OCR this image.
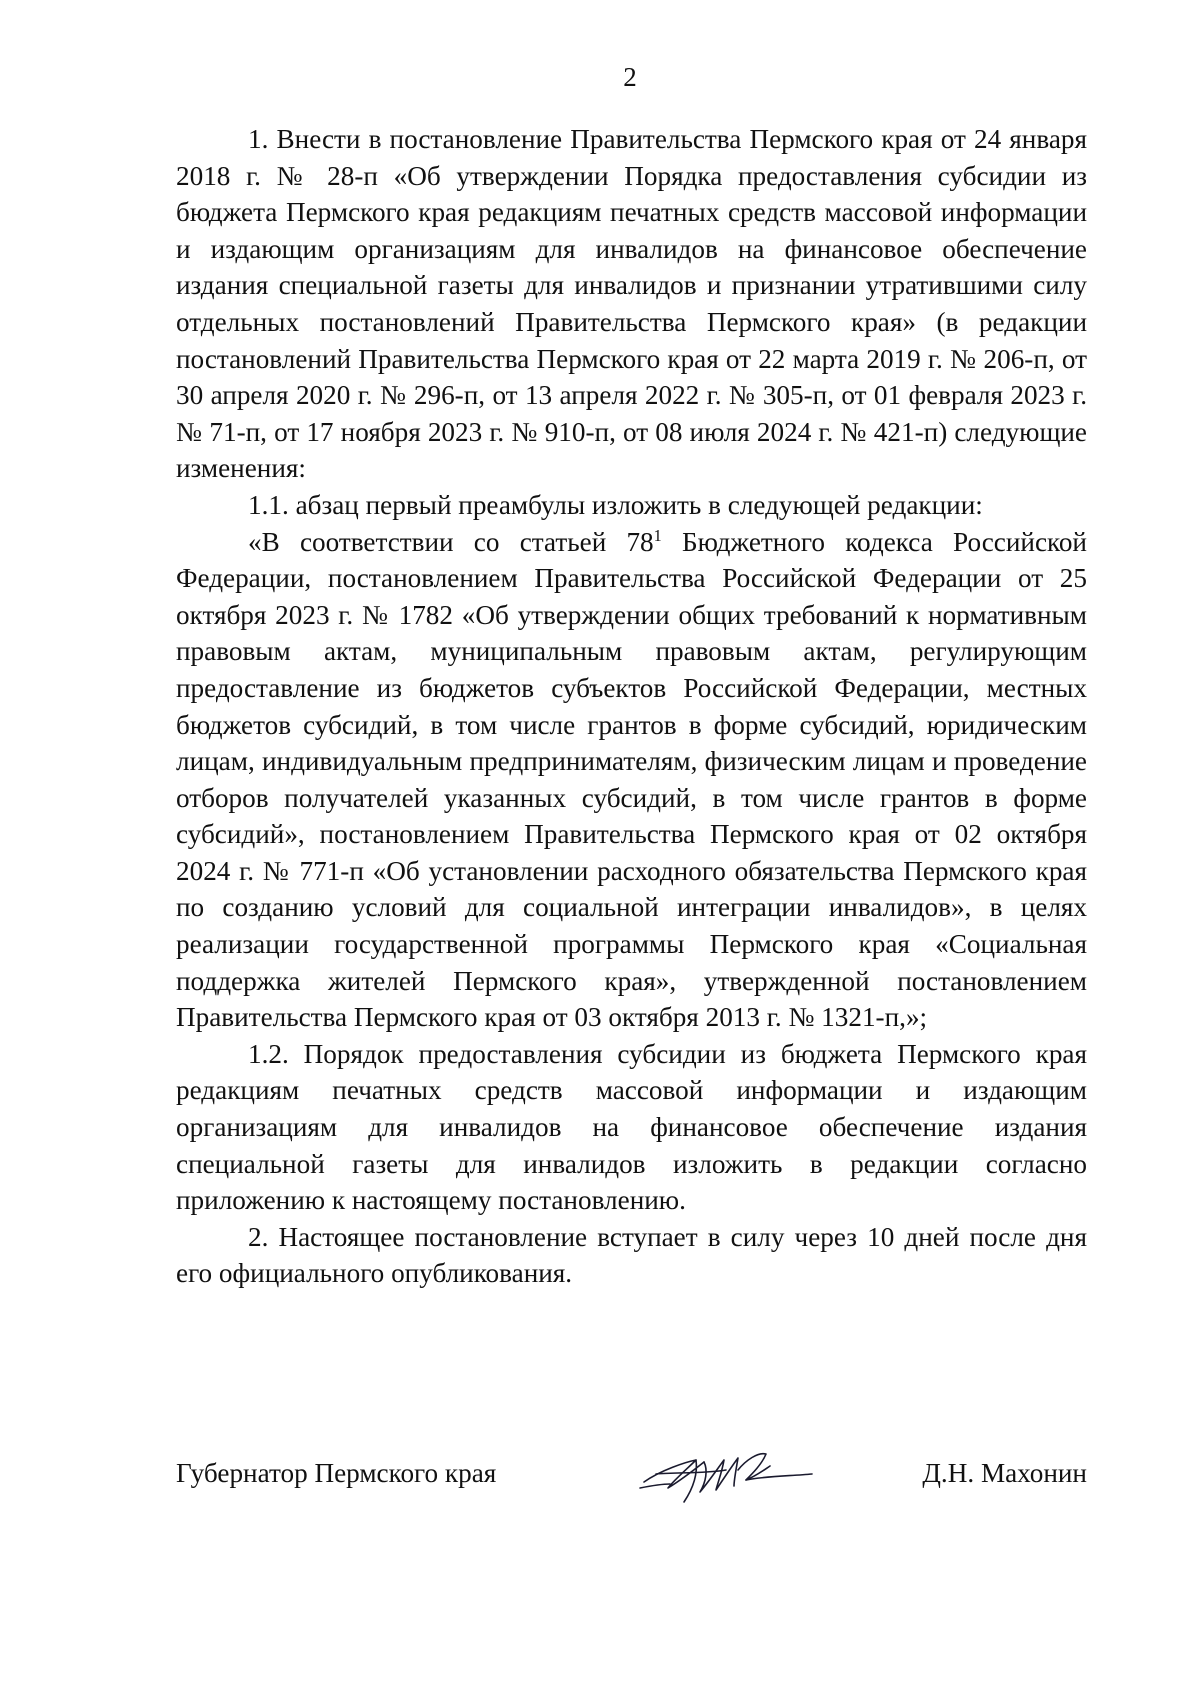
2

1. Внести в постановление Правительства Пермского края от 24 января 2018 г. № 28-п «Об утверждении Порядка предоставления субсидии из бюджета Пермского края редакциям печатных средств массовой информации и издающим организациям для инвалидов на финансовое обеспечение издания специальной газеты для инвалидов и признании утратившими силу отдельных постановлений Правительства Пермского края» (в редакции постановлений Правительства Пермского края от 22 марта 2019 г. № 206-п, от 30 апреля 2020 г. № 296-п, от 13 апреля 2022 г. № 305-п, от 01 февраля 2023 г. № 71-п, от 17 ноября 2023 г. № 910-п, от 08 июля 2024 г. № 421-п) следующие изменения:

1.1. абзац первый преамбулы изложить в следующей редакции:

«В соответствии со статьей $78^1$ Бюджетного кодекса Российской Федерации, постановлением Правительства Российской Федерации от 25 октября 2023 г. № 1782 «Об утверждении общих требований к нормативным правовым актам, муниципальным правовым актам, регулирующим предоставление из бюджетов субъектов Российской Федерации, местных бюджетов субсидий, в том числе грантов в форме субсидий, юридическим лицам, индивидуальным предпринимателям, физическим лицам и проведение отборов получателей указанных субсидий, в том числе грантов в форме субсидий», постановлением Правительства Пермского края от 02 октября 2024 г. № 771-п «Об установлении расходного обязательства Пермского края по созданию условий для социальной интеграции инвалидов», в целях реализации государственной программы Пермского края «Социальная поддержка жителей Пермского края», утвержденной постановлением Правительства Пермского края от 03 октября 2013 г. № 1321-п,»;

1.2. Порядок предоставления субсидии из бюджета Пермского края редакциям печатных средств массовой информации и издающим организациям для инвалидов на финансовое обеспечение издания специальной газеты для инвалидов изложить в редакции согласно приложению к настоящему постановлению.

2. Настоящее постановление вступает в силу через 10 дней после дня его официального опубликования.

Губернатор Пермского края	Д.Н. Махонин
